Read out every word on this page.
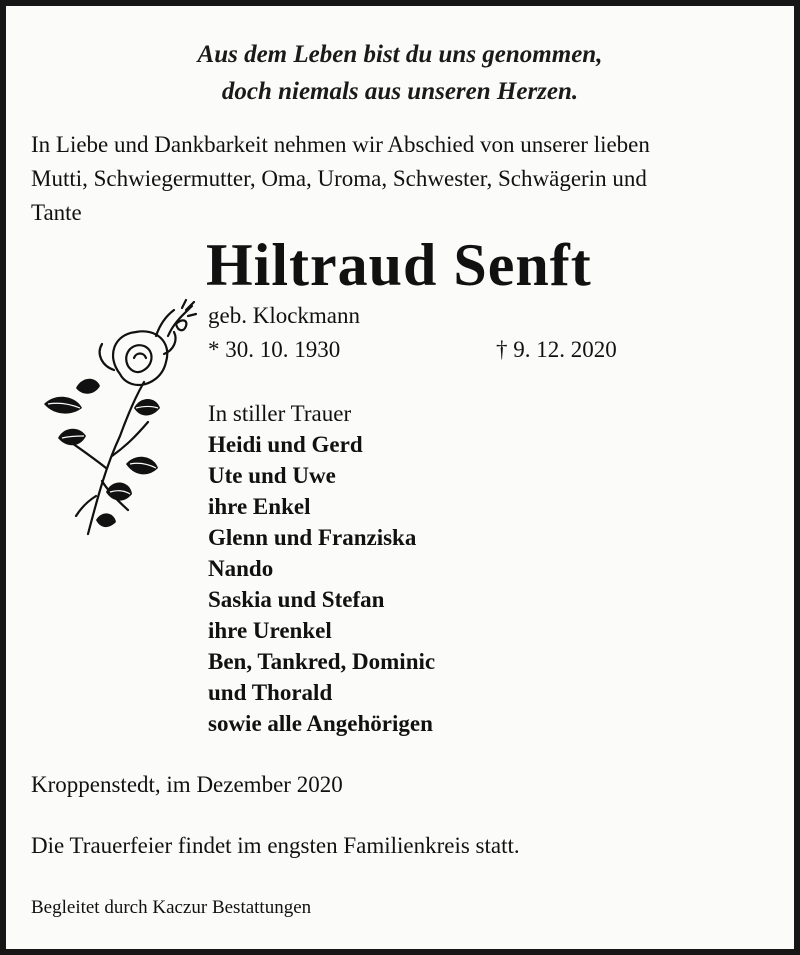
Aus dem Leben bist du uns genommen,
doch niemals aus unseren Herzen.
In Liebe und Dankbarkeit nehmen wir Abschied von unserer lieben
Mutti, Schwiegermutter, Oma, Uroma, Schwester, Schwägerin und
Tante
Hiltraud Senft
geb. Klockmann
* 30. 10. 1930	† 9. 12. 2020
In stiller Trauer
Heidi und Gerd
Ute und Uwe
ihre Enkel
Glenn und Franziska
Nando
Saskia und Stefan
ihre Urenkel
Ben, Tankred, Dominic
und Thorald
sowie alle Angehörigen
Kroppenstedt, im Dezember 2020
Die Trauerfeier findet im engsten Familienkreis statt.
Begleitet durch Kaczur Bestattungen
